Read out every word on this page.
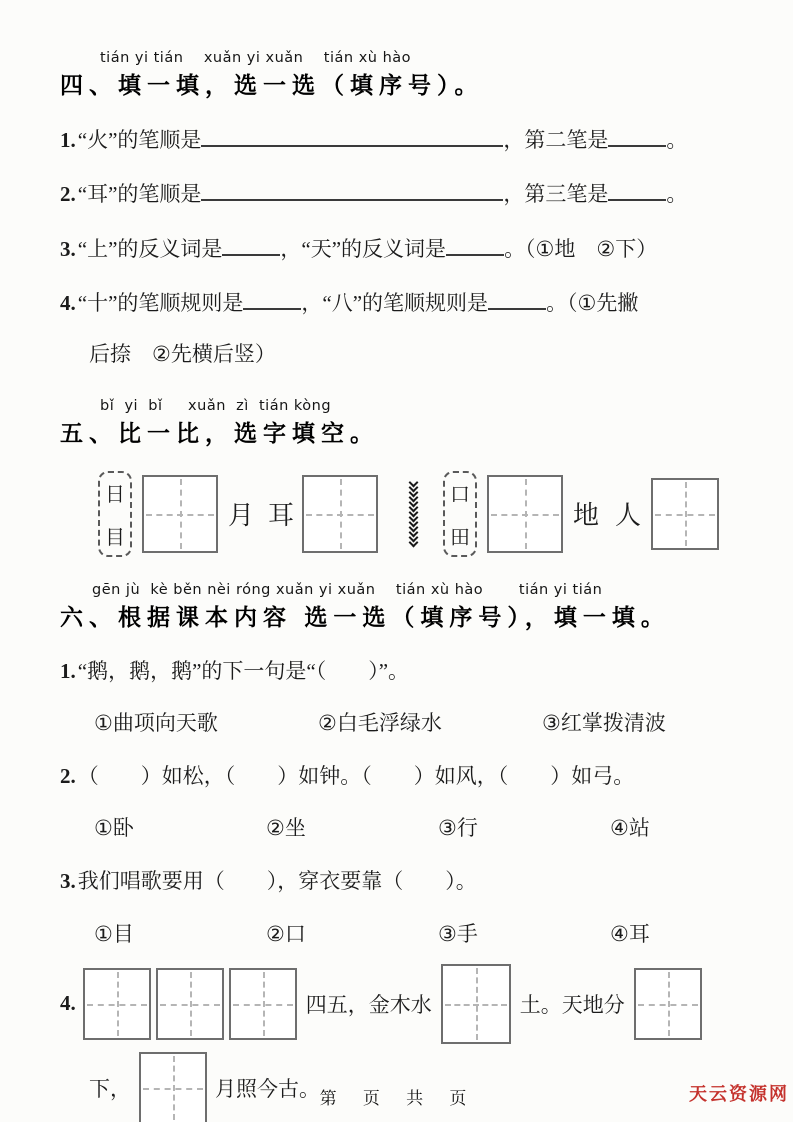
tián yi tián    xuǎn yi xuǎn    tián xù hào
四、填一填，选一选（填序号）。
1.“火”的笔顺是	，第二笔是	。
2.“耳”的笔顺是	，第三笔是	。
3.“上”的反义词是	，“天”的反义词是	。（①地　②下）
4.“十”的笔顺规则是	，“八”的笔顺规则是	。（①先撇
后捺　②先横后竖）
bǐ  yi  bǐ     xuǎn  zì  tián kòng
五、比一比，选字填空。
日
目
月 耳
口
田
地 人
gēn jù  kè běn nèi róng xuǎn yi xuǎn    tián xù hào       tián yi tián
六、根据课本内容 选一选（填序号），填一填。
1.“鹅，鹅，鹅”的下一句是“（　　）”。
①曲项向天歌	②白毛浮绿水	③红掌拨清波
2.（　　）如松，（　　）如钟。（　　）如风，（　　）如弓。
①卧	②坐	③行	④站
3.我们唱歌要用（　　），穿衣要靠（　　）。
①目	②口	③手	④耳
4.	四五，金木水	土。天地分
下，	月照今古。 第 页 共 页	天云资源网
